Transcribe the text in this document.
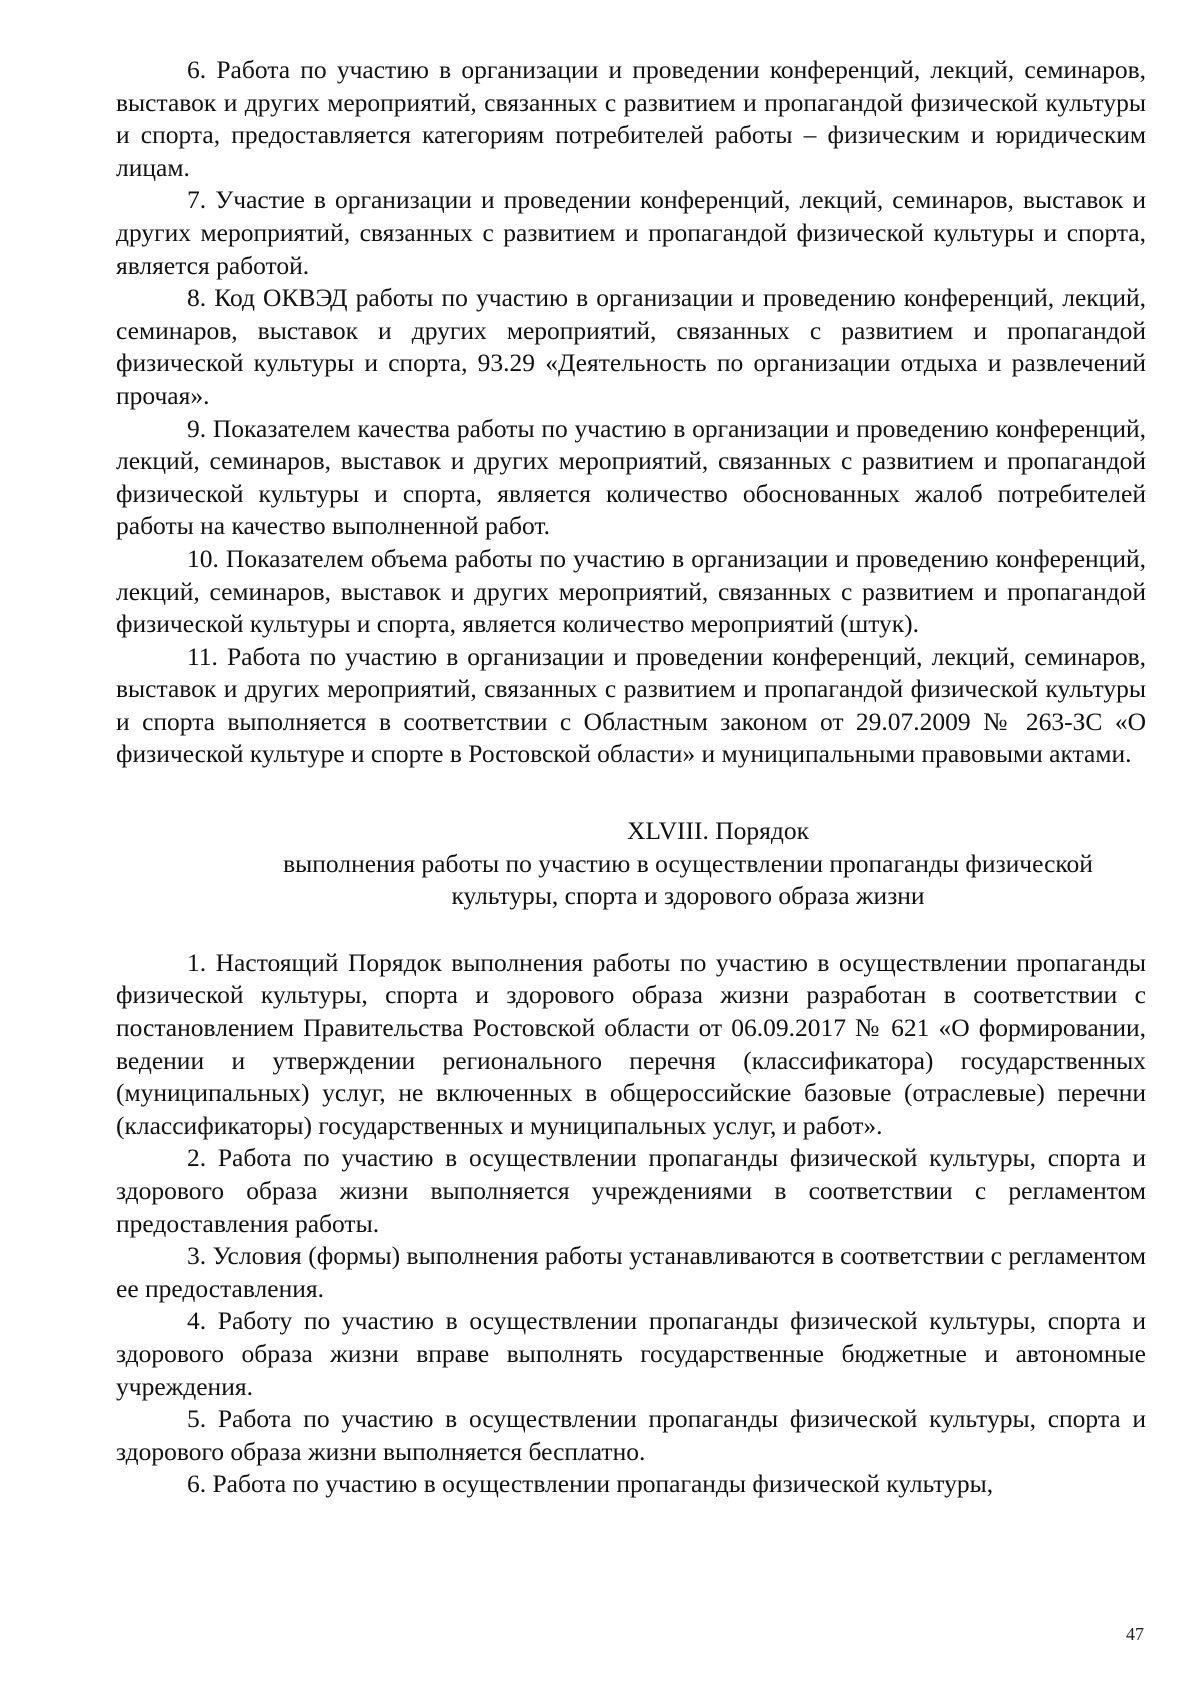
6. Работа по участию в организации и проведении конференций, лекций, семинаров, выставок и других мероприятий, связанных с развитием и пропагандой физической культуры и спорта, предоставляется категориям потребителей работы – физическим и юридическим лицам.

7. Участие в организации и проведении конференций, лекций, семинаров, выставок и других мероприятий, связанных с развитием и пропагандой физической культуры и спорта, является работой.

8. Код ОКВЭД работы по участию в организации и проведению конференций, лекций, семинаров, выставок и других мероприятий, связанных с развитием и пропагандой физической культуры и спорта, 93.29 «Деятельность по организации отдыха и развлечений прочая».

9. Показателем качества работы по участию в организации и проведению конференций, лекций, семинаров, выставок и других мероприятий, связанных с развитием и пропагандой физической культуры и спорта, является количество обоснованных жалоб потребителей работы на качество выполненной работ.

10. Показателем объема работы по участию в организации и проведению конференций, лекций, семинаров, выставок и других мероприятий, связанных с развитием и пропагандой физической культуры и спорта, является количество мероприятий (штук).

11. Работа по участию в организации и проведении конференций, лекций, семинаров, выставок и других мероприятий, связанных с развитием и пропагандой физической культуры и спорта выполняется в соответствии с Областным законом от 29.07.2009 № 263-ЗС «О физической культуре и спорте в Ростовской области» и муниципальными правовыми актами.

XLVIII. Порядок
выполнения работы по участию в осуществлении пропаганды физической
культуры, спорта и здорового образа жизни

1. Настоящий Порядок выполнения работы по участию в осуществлении пропаганды физической культуры, спорта и здорового образа жизни разработан в соответствии с постановлением Правительства Ростовской области от 06.09.2017 № 621 «О формировании, ведении и утверждении регионального перечня (классификатора) государственных (муниципальных) услуг, не включенных в общероссийские базовые (отраслевые) перечни (классификаторы) государственных и муниципальных услуг, и работ».

2. Работа по участию в осуществлении пропаганды физической культуры, спорта и здорового образа жизни выполняется учреждениями в соответствии с регламентом предоставления работы.

3. Условия (формы) выполнения работы устанавливаются в соответствии с регламентом ее предоставления.

4. Работу по участию в осуществлении пропаганды физической культуры, спорта и здорового образа жизни вправе выполнять государственные бюджетные и автономные учреждения.

5. Работа по участию в осуществлении пропаганды физической культуры, спорта и здорового образа жизни выполняется бесплатно.

6. Работа по участию в осуществлении пропаганды физической культуры,

47
